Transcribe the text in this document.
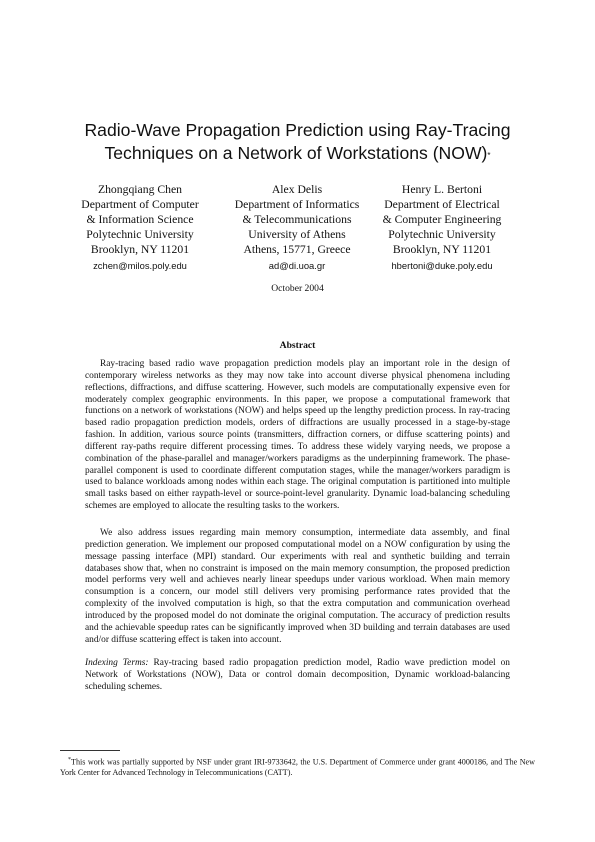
Radio-Wave Propagation Prediction using Ray-Tracing
Techniques on a Network of Workstations (NOW)*
Zhongqiang Chen
Department of Computer
& Information Science
Polytechnic University
Brooklyn, NY 11201
zchen@milos.poly.edu
Alex Delis
Department of Informatics
& Telecommunications
University of Athens
Athens, 15771, Greece
ad@di.uoa.gr
Henry L. Bertoni
Department of Electrical
& Computer Engineering
Polytechnic University
Brooklyn, NY 11201
hbertoni@duke.poly.edu
October 2004
Abstract

Ray-tracing based radio wave propagation prediction models play an important role in the design of contemporary wireless networks as they may now take into account diverse physical phenomena including reflections, diffractions, and diffuse scattering. However, such models are computationally expensive even for moderately complex geographic environments. In this paper, we propose a computational framework that functions on a network of workstations (NOW) and helps speed up the lengthy prediction process. In ray-tracing based radio propagation prediction models, orders of diffractions are usually processed in a stage-by-stage fashion. In addition, various source points (transmitters, diffraction corners, or diffuse scattering points) and different ray-paths require different processing times. To address these widely varying needs, we propose a combination of the phase-parallel and manager/workers paradigms as the underpinning framework. The phase-parallel component is used to coordinate different computation stages, while the manager/workers paradigm is used to balance workloads among nodes within each stage. The original computation is partitioned into multiple small tasks based on either raypath-level or source-point-level granularity. Dynamic load-balancing scheduling schemes are employed to allocate the resulting tasks to the workers.

We also address issues regarding main memory consumption, intermediate data assembly, and final prediction generation. We implement our proposed computational model on a NOW configuration by using the message passing interface (MPI) standard. Our experiments with real and synthetic building and terrain databases show that, when no constraint is imposed on the main memory consumption, the proposed prediction model performs very well and achieves nearly linear speedups under various workload. When main memory consumption is a concern, our model still delivers very promising performance rates provided that the complexity of the involved computation is high, so that the extra computation and communication overhead introduced by the proposed model do not dominate the original computation. The accuracy of prediction results and the achievable speedup rates can be significantly improved when 3D building and terrain databases are used and/or diffuse scattering effect is taken into account.

Indexing Terms: Ray-tracing based radio propagation prediction model, Radio wave prediction model on Network of Workstations (NOW), Data or control domain decomposition, Dynamic workload-balancing scheduling schemes.

*This work was partially supported by NSF under grant IRI-9733642, the U.S. Department of Commerce under grant 4000186, and The New York Center for Advanced Technology in Telecommunications (CATT).
